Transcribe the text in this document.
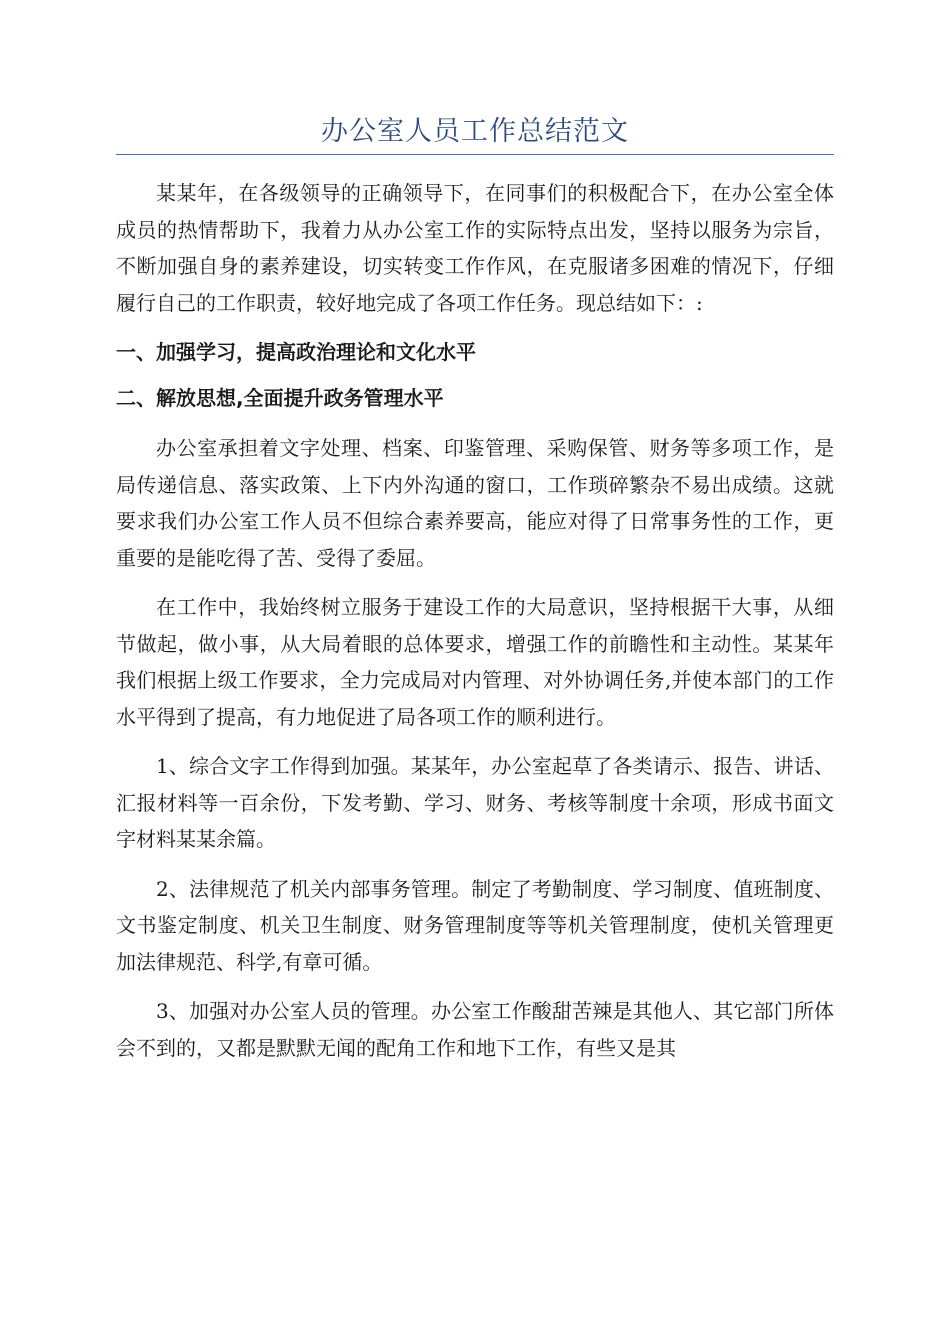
办公室人员工作总结范文

某某年，在各级领导的正确领导下，在同事们的积极配合下，在办公室全体成员的热情帮助下，我着力从办公室工作的实际特点出发，坚持以服务为宗旨，不断加强自身的素养建设，切实转变工作作风，在克服诸多困难的情况下，仔细履行自己的工作职责，较好地完成了各项工作任务。现总结如下：:

一、加强学习，提高政治理论和文化水平

二、解放思想,全面提升政务管理水平

办公室承担着文字处理、档案、印鉴管理、采购保管、财务等多项工作，是局传递信息、落实政策、上下内外沟通的窗口，工作琐碎繁杂不易出成绩。这就要求我们办公室工作人员不但综合素养要高，能应对得了日常事务性的工作，更重要的是能吃得了苦、受得了委屈。

在工作中，我始终树立服务于建设工作的大局意识，坚持根据干大事，从细节做起，做小事，从大局着眼的总体要求，增强工作的前瞻性和主动性。某某年我们根据上级工作要求，全力完成局对内管理、对外协调任务,并使本部门的工作水平得到了提高，有力地促进了局各项工作的顺利进行。

1、综合文字工作得到加强。某某年，办公室起草了各类请示、报告、讲话、汇报材料等一百余份，下发考勤、学习、财务、考核等制度十余项，形成书面文字材料某某余篇。

2、法律规范了机关内部事务管理。制定了考勤制度、学习制度、值班制度、文书鉴定制度、机关卫生制度、财务管理制度等等机关管理制度，使机关管理更加法律规范、科学,有章可循。

3、加强对办公室人员的管理。办公室工作酸甜苦辣是其他人、其它部门所体会不到的，又都是默默无闻的配角工作和地下工作，有些又是其
